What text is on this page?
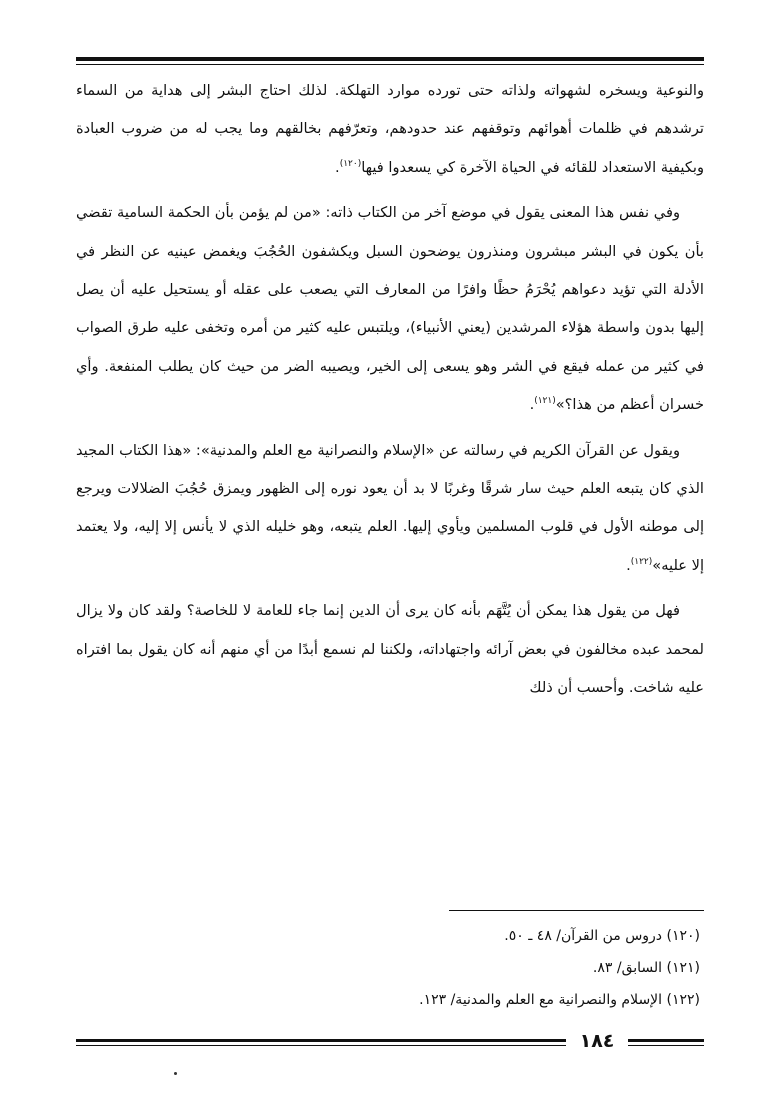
والنوعية ويسخره لشهواته ولذاته حتى تورده موارد التهلكة. لذلك احتاج البشر إلى هداية من السماء ترشدهم في ظلمات أهوائهم وتوقفهم عند حدودهم، وتعرّفهم بخالقهم وما يجب له من ضروب العبادة وبكيفية الاستعداد للقائه في الحياة الآخرة كي يسعدوا فيها$^{(١٢٠)}$.

وفي نفس هذا المعنى يقول في موضع آخر من الكتاب ذاته: «من لم يؤمن بأن الحكمة السامية تقضي بأن يكون في البشر مبشرون ومنذرون يوضحون السبل ويكشفون الحُجُبَ ويغمض عينيه عن النظر في الأدلة التي تؤيد دعواهم يُحْرَمُ حظًا وافرًا من المعارف التي يصعب على عقله أو يستحيل عليه أن يصل إليها بدون واسطة هؤلاء المرشدين (يعني الأنبياء)، ويلتبس عليه كثير من أمره وتخفى عليه طرق الصواب في كثير من عمله فيقع في الشر وهو يسعى إلى الخير، ويصيبه الضر من حيث كان يطلب المنفعة. وأي خسران أعظم من هذا؟»$^{(١٢١)}$.

ويقول عن القرآن الكريم في رسالته عن «الإسلام والنصرانية مع العلم والمدنية»: «هذا الكتاب المجيد الذي كان يتبعه العلم حيث سار شرقًا وغربًا لا بد أن يعود نوره إلى الظهور ويمزق حُجُبَ الضلالات ويرجع إلى موطنه الأول في قلوب المسلمين ويأوي إليها. العلم يتبعه، وهو خليله الذي لا يأنس إلا إليه، ولا يعتمد إلا عليه»$^{(١٢٢)}$.

فهل من يقول هذا يمكن أن يُتَّهَم بأنه كان يرى أن الدين إنما جاء للعامة لا للخاصة؟ ولقد كان ولا يزال لمحمد عبده مخالفون في بعض آرائه واجتهاداته، ولكننا لم نسمع أبدًا من أي منهم أنه كان يقول بما افتراه عليه شاخت. وأحسب أن ذلك

(١٢٠) دروس من القرآن/ ٤٨ ـ ٥٠.
(١٢١) السابق/ ٨٣.
(١٢٢) الإسلام والنصرانية مع العلم والمدنية/ ١٢٣.
١٨٤
